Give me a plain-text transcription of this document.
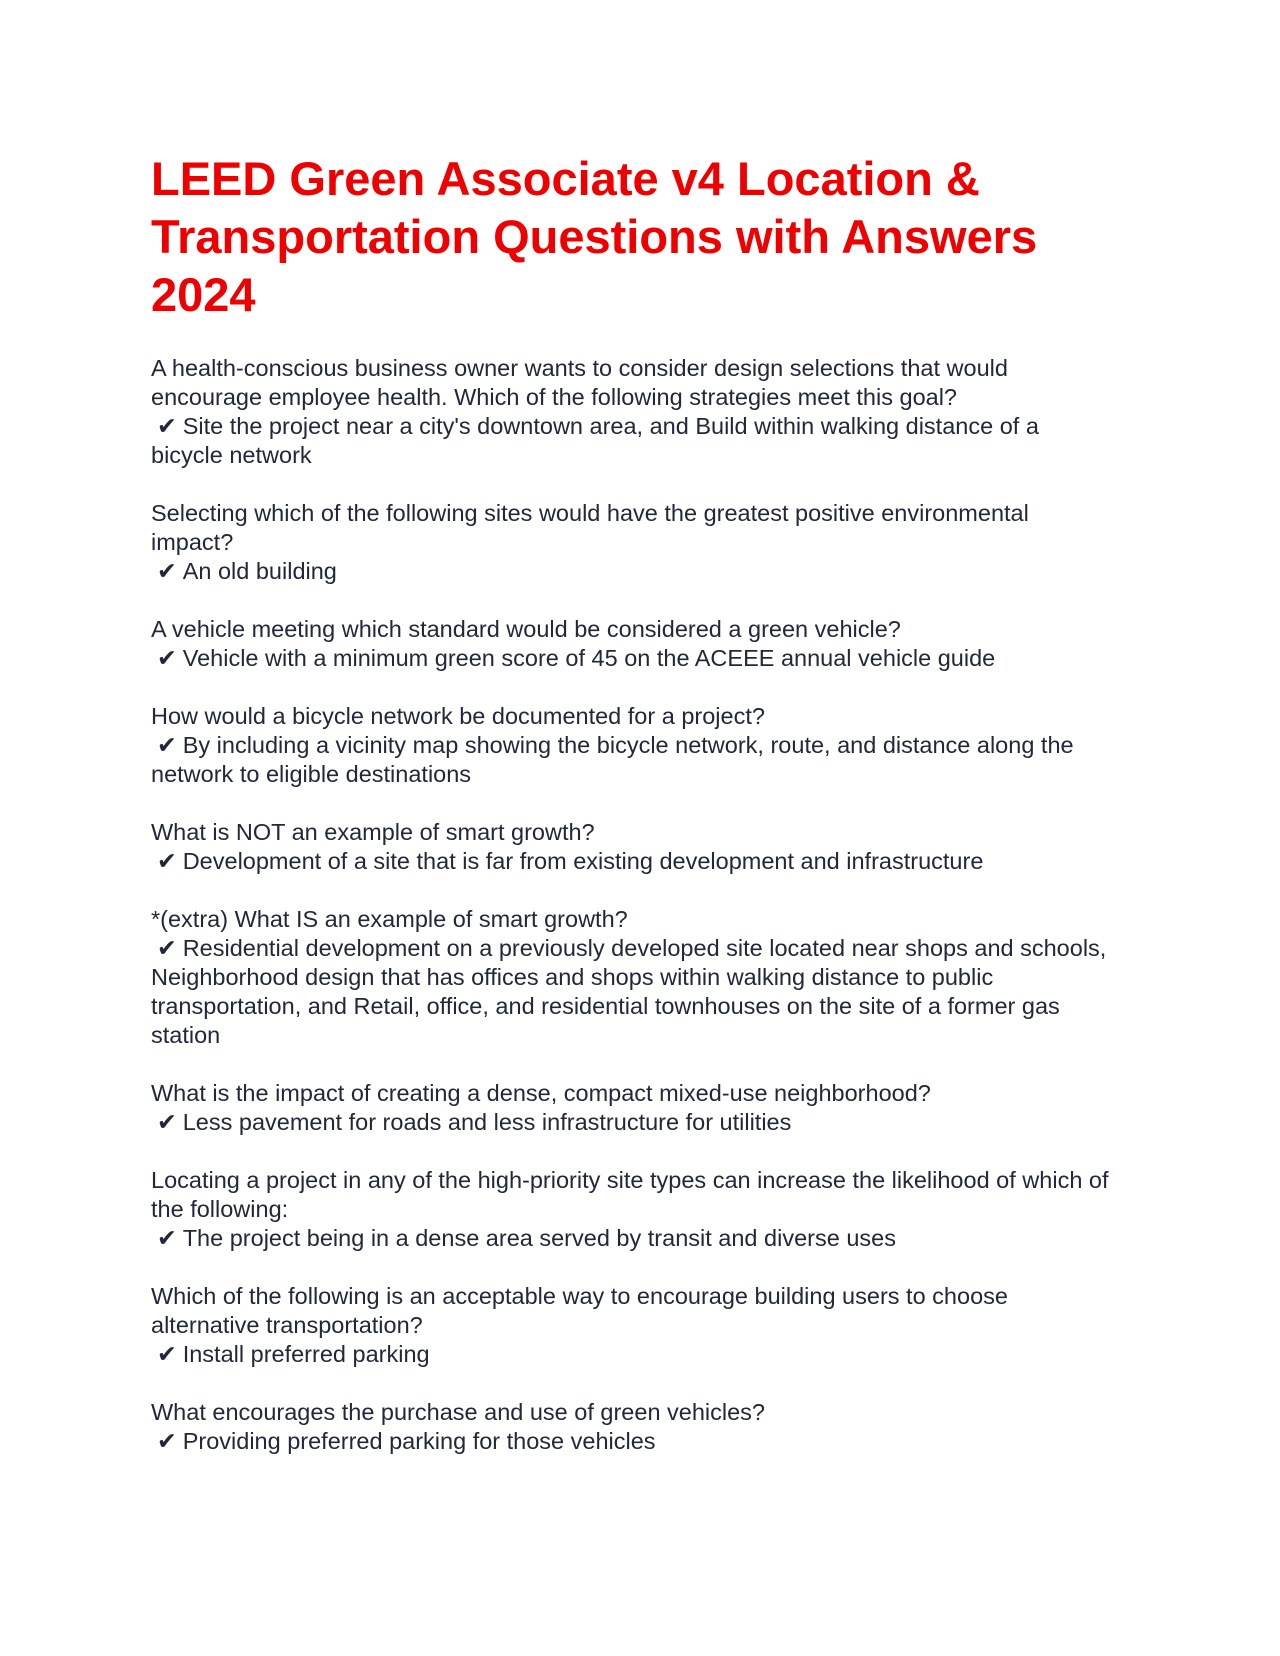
LEED Green Associate v4 Location & Transportation Questions with Answers 2024

A health-conscious business owner wants to consider design selections that would encourage employee health. Which of the following strategies meet this goal?

✔ Site the project near a city's downtown area, and Build within walking distance of a bicycle network

Selecting which of the following sites would have the greatest positive environmental impact?

✔ An old building

A vehicle meeting which standard would be considered a green vehicle?

✔ Vehicle with a minimum green score of 45 on the ACEEE annual vehicle guide

How would a bicycle network be documented for a project?

✔ By including a vicinity map showing the bicycle network, route, and distance along the network to eligible destinations

What is NOT an example of smart growth?

✔ Development of a site that is far from existing development and infrastructure

*(extra) What IS an example of smart growth?

✔ Residential development on a previously developed site located near shops and schools, Neighborhood design that has offices and shops within walking distance to public transportation, and Retail, office, and residential townhouses on the site of a former gas station

What is the impact of creating a dense, compact mixed-use neighborhood?

✔ Less pavement for roads and less infrastructure for utilities

Locating a project in any of the high-priority site types can increase the likelihood of which of the following:

✔ The project being in a dense area served by transit and diverse uses

Which of the following is an acceptable way to encourage building users to choose alternative transportation?

✔ Install preferred parking

What encourages the purchase and use of green vehicles?

✔ Providing preferred parking for those vehicles
